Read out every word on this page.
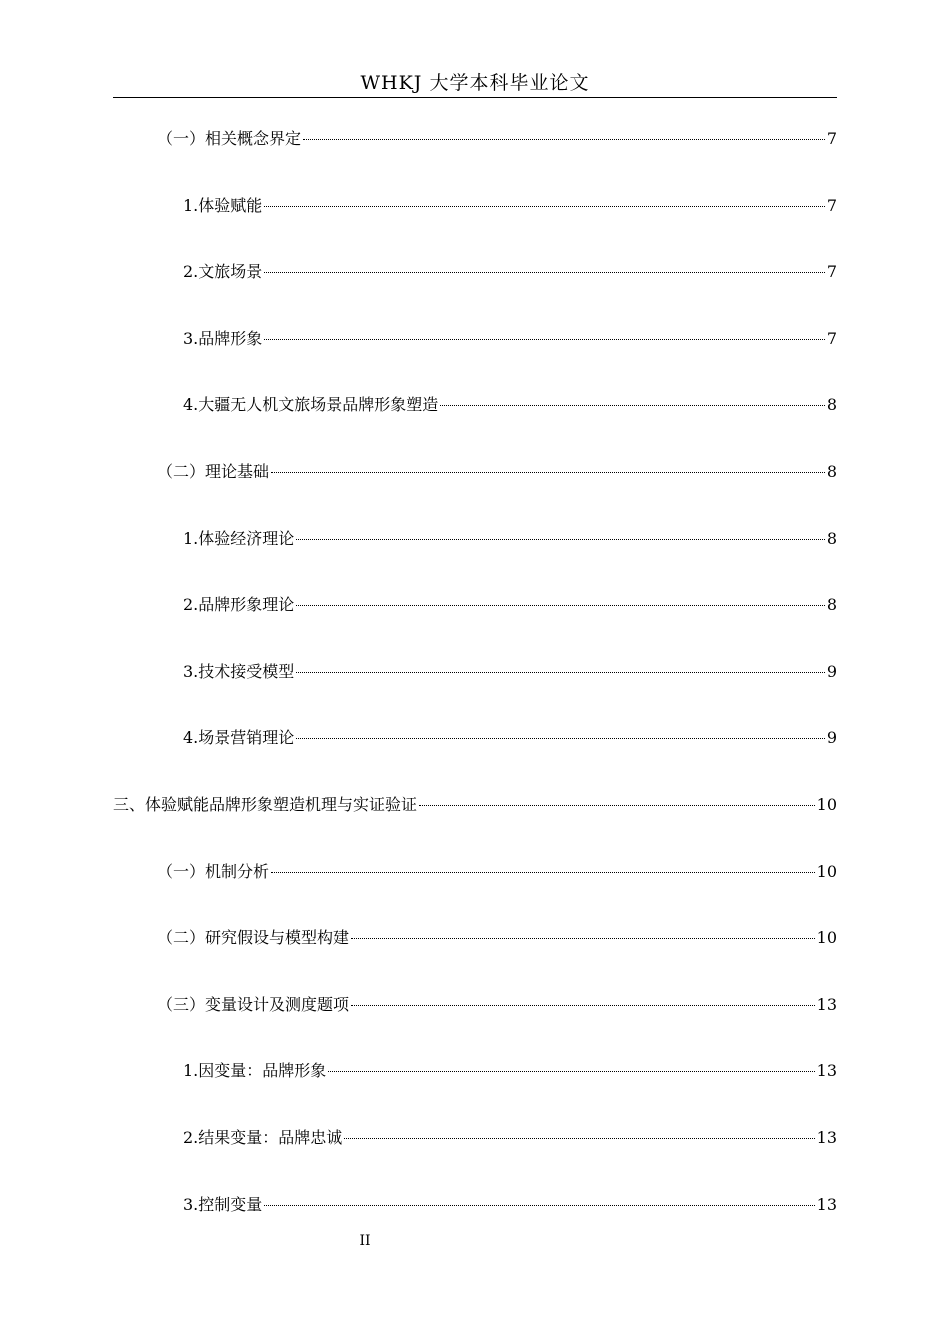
WHKJ 大学本科毕业论文
（一）相关概念界定	7
1.体验赋能	7
2.文旅场景	7
3.品牌形象	7
4.大疆无人机文旅场景品牌形象塑造	8
（二）理论基础	8
1.体验经济理论	8
2.品牌形象理论	8
3.技术接受模型	9
4.场景营销理论	9
三、体验赋能品牌形象塑造机理与实证验证	10
（一）机制分析	10
（二）研究假设与模型构建	10
（三）变量设计及测度题项	13
1.因变量：品牌形象	13
2.结果变量：品牌忠诚	13
3.控制变量	13
II
